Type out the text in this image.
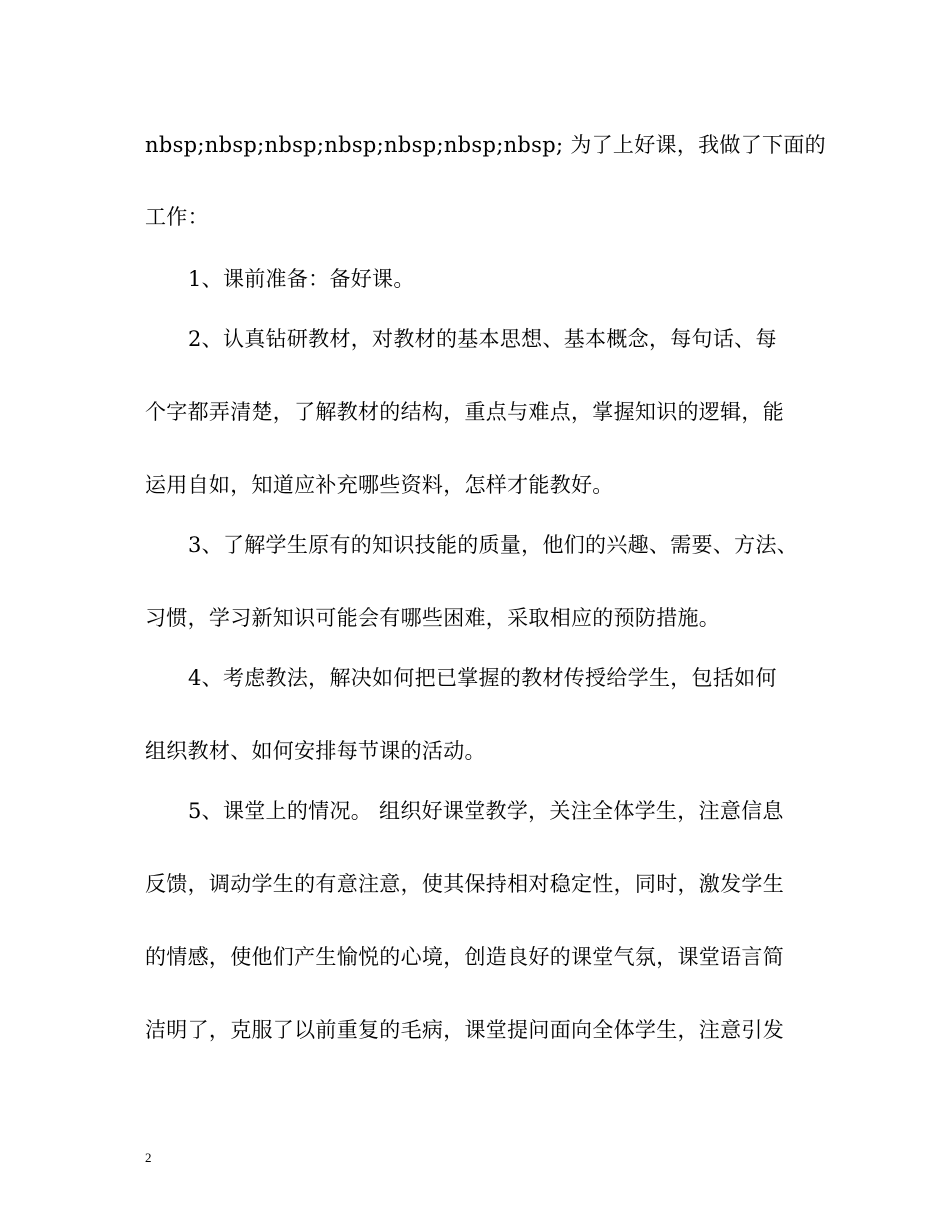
nbsp;nbsp;nbsp;nbsp;nbsp;nbsp;nbsp; 为了上好课，我做了下面的
工作：
1、课前准备：备好课。
2、认真钻研教材，对教材的基本思想、基本概念，每句话、每
个字都弄清楚，了解教材的结构，重点与难点，掌握知识的逻辑，能
运用自如，知道应补充哪些资料，怎样才能教好。
3、了解学生原有的知识技能的质量，他们的兴趣、需要、方法、
习惯，学习新知识可能会有哪些困难，采取相应的预防措施。
4、考虑教法，解决如何把已掌握的教材传授给学生，包括如何
组织教材、如何安排每节课的活动。
5、课堂上的情况。 组织好课堂教学，关注全体学生，注意信息
反馈，调动学生的有意注意，使其保持相对稳定性，同时，激发学生
的情感，使他们产生愉悦的心境，创造良好的课堂气氛，课堂语言简
洁明了，克服了以前重复的毛病，课堂提问面向全体学生，注意引发
2
